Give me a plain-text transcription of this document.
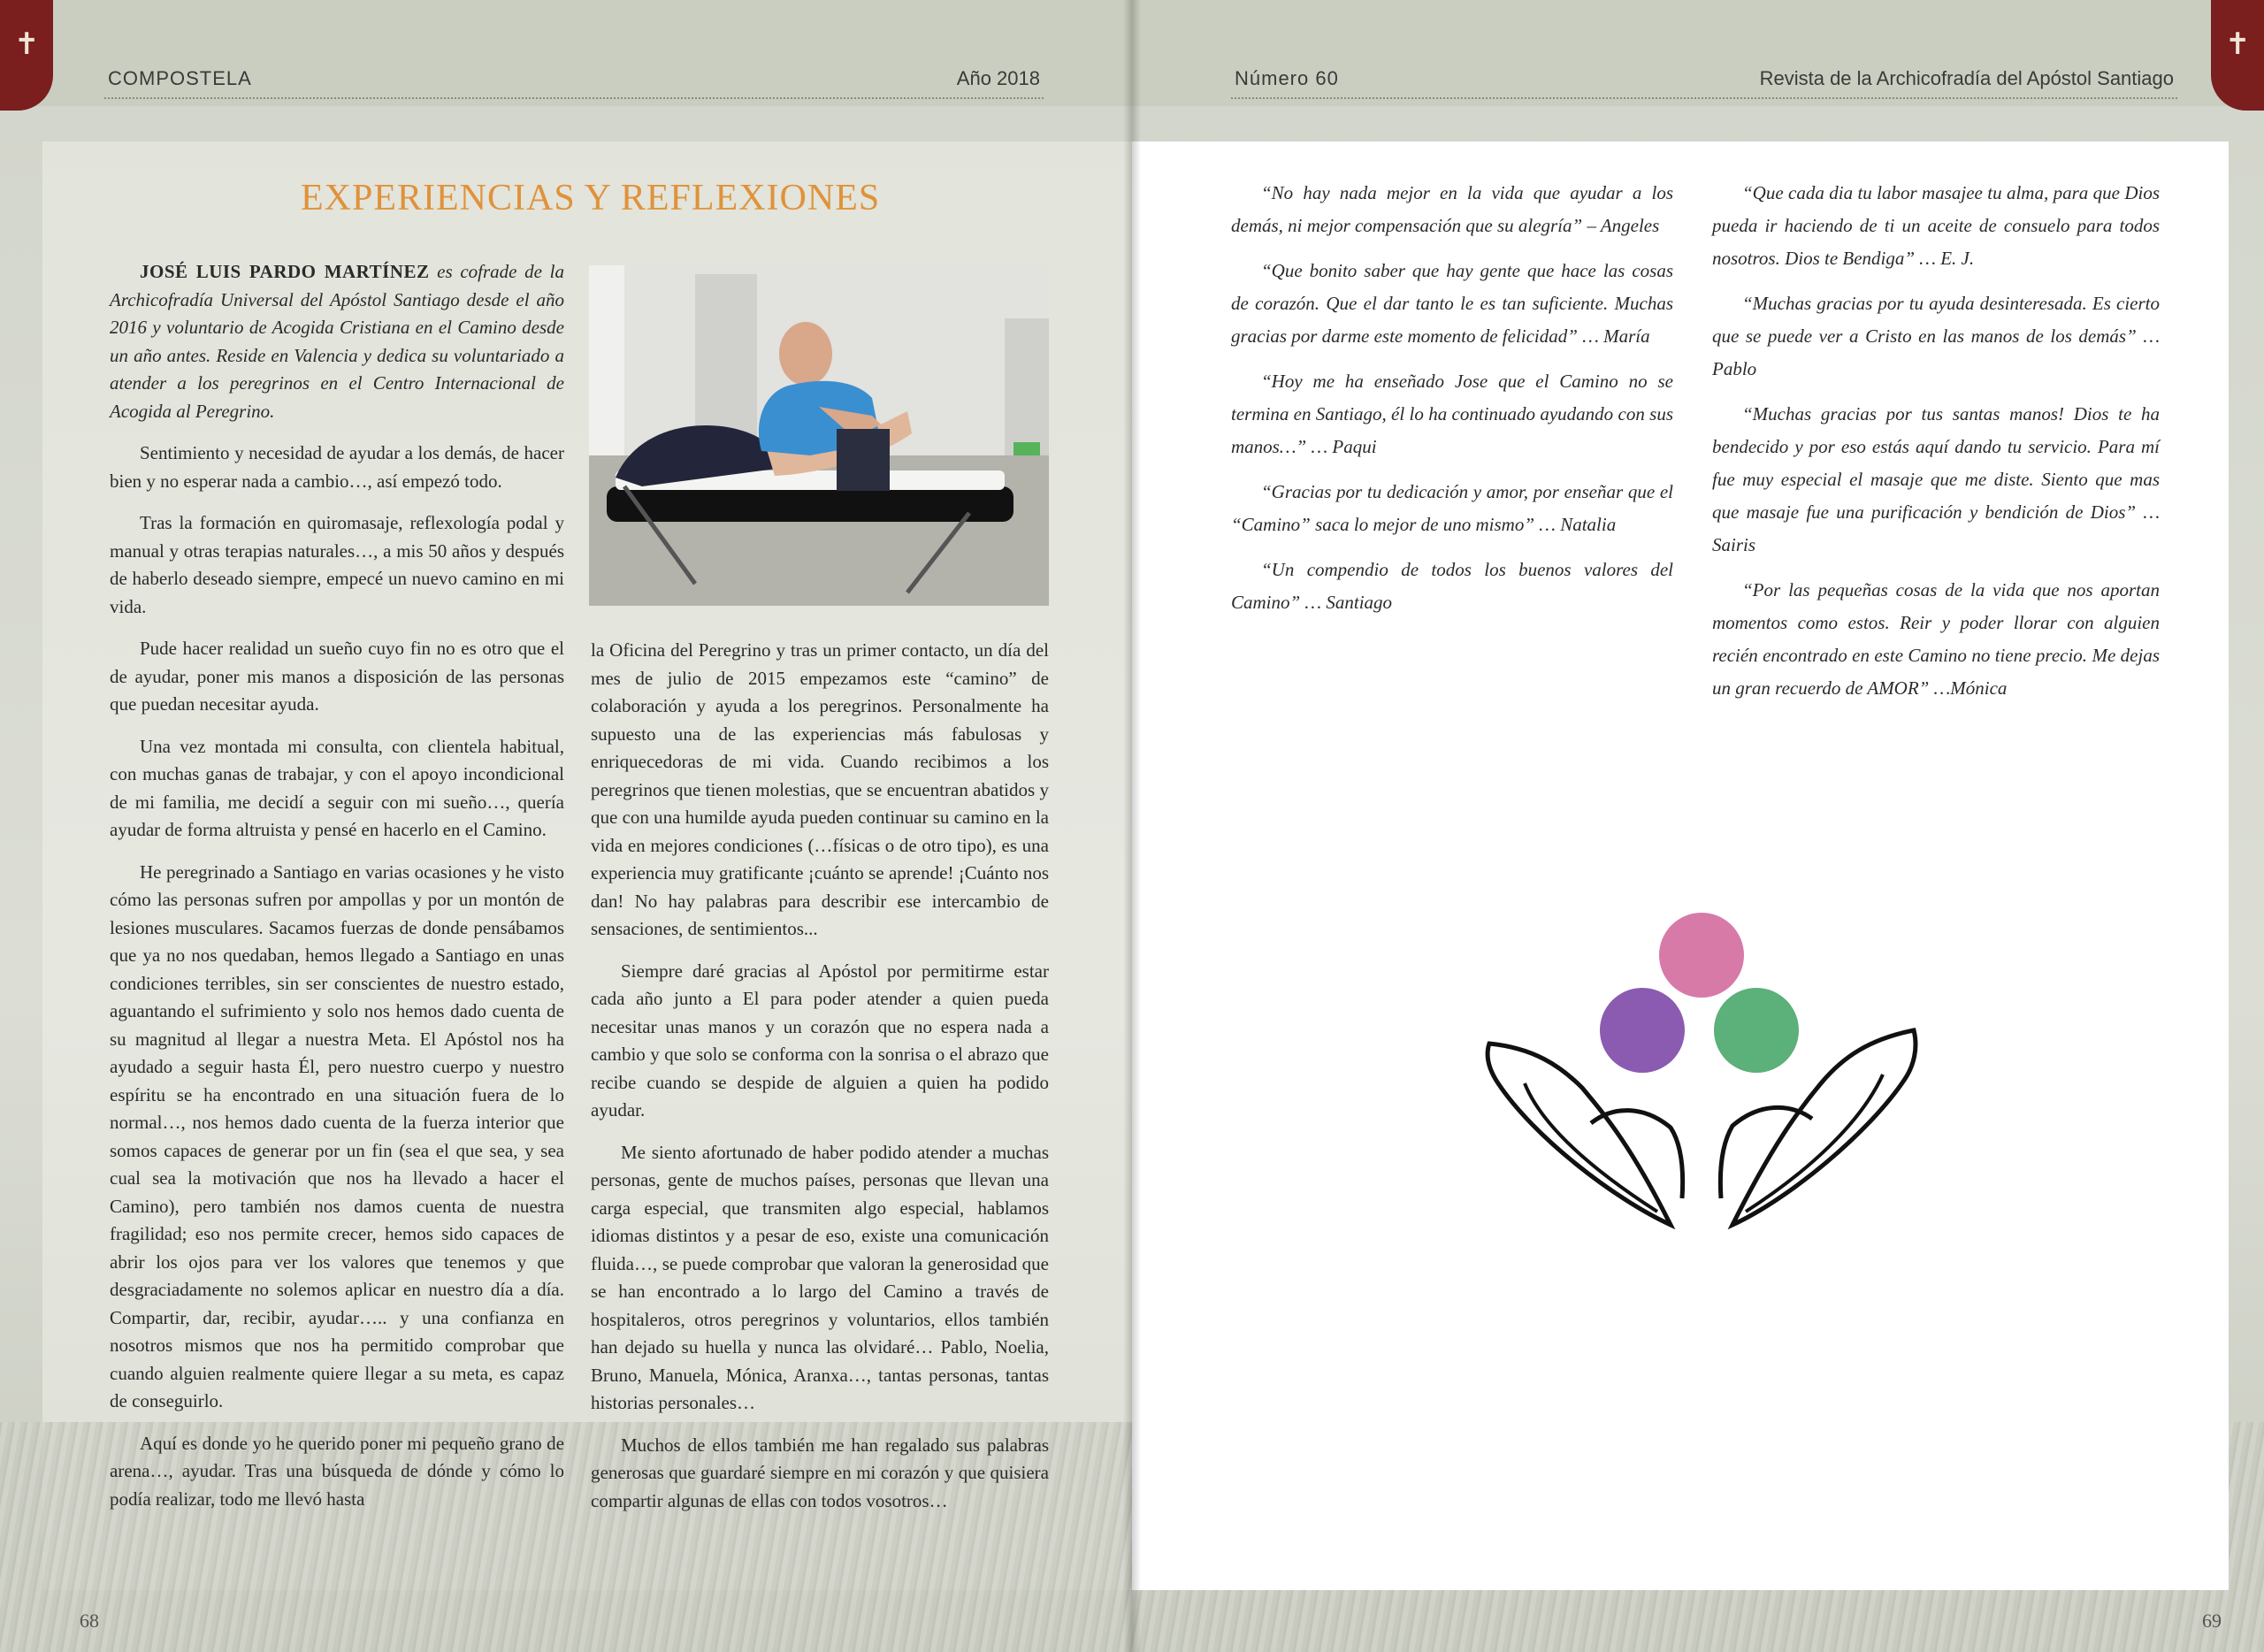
✝
COMPOSTELA	Año 2018
EXPERIENCIAS Y REFLEXIONES

JOSÉ LUIS PARDO MARTÍNEZ es cofrade de la Archicofradía Universal del Apóstol Santiago desde el año 2016 y voluntario de Acogida Cristiana en el Camino desde un año antes. Reside en Valencia y dedica su voluntariado a atender a los peregrinos en el Centro Internacional de Acogida al Peregrino.

Sentimiento y necesidad de ayudar a los demás, de hacer bien y no esperar nada a cambio…, así empezó todo.

Tras la formación en quiromasaje, reflexología podal y manual y otras terapias naturales…, a mis 50 años y después de haberlo deseado siempre, empecé un nuevo camino en mi vida.

Pude hacer realidad un sueño cuyo fin no es otro que el de ayudar, poner mis manos a disposición de las personas que puedan necesitar ayuda.

Una vez montada mi consulta, con clientela habitual, con muchas ganas de trabajar, y con el apoyo incondicional de mi familia, me decidí a seguir con mi sueño…, quería ayudar de forma altruista y pensé en hacerlo en el Camino.

He peregrinado a Santiago en varias ocasiones y he visto cómo las personas sufren por ampollas y por un montón de lesiones musculares. Sacamos fuerzas de donde pensábamos que ya no nos quedaban, hemos llegado a Santiago en unas condiciones terribles, sin ser conscientes de nuestro estado, aguantando el sufrimiento y solo nos hemos dado cuenta de su magnitud al llegar a nuestra Meta. El Apóstol nos ha ayudado a seguir hasta Él, pero nuestro cuerpo y nuestro espíritu se ha encontrado en una situación fuera de lo normal…, nos hemos dado cuenta de la fuerza interior que somos capaces de generar por un fin (sea el que sea, y sea cual sea la motivación que nos ha llevado a hacer el Camino), pero también nos damos cuenta de nuestra fragilidad; eso nos permite crecer, hemos sido capaces de abrir los ojos para ver los valores que tenemos y que desgraciadamente no solemos aplicar en nuestro día a día. Compartir, dar, recibir, ayudar….. y una confianza en nosotros mismos que nos ha permitido comprobar que cuando alguien realmente quiere llegar a su meta, es capaz de conseguirlo.

Aquí es donde yo he querido poner mi pequeño grano de arena…, ayudar. Tras una búsqueda de dónde y cómo lo podía realizar, todo me llevó hasta

la Oficina del Peregrino y tras un primer contacto, un día del mes de julio de 2015 empezamos este “camino” de colaboración y ayuda a los peregrinos. Personalmente ha supuesto una de las experiencias más fabulosas y enriquecedoras de mi vida. Cuando recibimos a los peregrinos que tienen molestias, que se encuentran abatidos y que con una humilde ayuda pueden continuar su camino en la vida en mejores condiciones (…físicas o de otro tipo), es una experiencia muy gratificante ¡cuánto se aprende! ¡Cuánto nos dan! No hay palabras para describir ese intercambio de sensaciones, de sentimientos...

Siempre daré gracias al Apóstol por permitirme estar cada año junto a El para poder atender a quien pueda necesitar unas manos y un corazón que no espera nada a cambio y que solo se conforma con la sonrisa o el abrazo que recibe cuando se despide de alguien a quien ha podido ayudar.

Me siento afortunado de haber podido atender a muchas personas, gente de muchos países, personas que llevan una carga especial, que transmiten algo especial, hablamos idiomas distintos y a pesar de eso, existe una comunicación fluida…, se puede comprobar que valoran la generosidad que se han encontrado a lo largo del Camino a través de hospitaleros, otros peregrinos y voluntarios, ellos también han dejado su huella y nunca las olvidaré… Pablo, Noelia, Bruno, Manuela, Mónica, Aranxa…, tantas personas, tantas historias personales…

Muchos de ellos también me han regalado sus palabras generosas que guardaré siempre en mi corazón y que quisiera compartir algunas de ellas con todos vosotros…

68
✝
Número 60	Revista de la Archicofradía del Apóstol Santiago

“No hay nada mejor en la vida que ayudar a los demás, ni mejor compensación que su alegría” – Angeles

“Que bonito saber que hay gente que hace las cosas de corazón. Que el dar tanto le es tan suficiente. Muchas gracias por darme este momento de felicidad” … María

“Hoy me ha enseñado Jose que el Camino no se termina en Santiago, él lo ha continuado ayudando con sus manos…” … Paqui

“Gracias por tu dedicación y amor, por enseñar que el “Camino” saca lo mejor de uno mismo” … Natalia

“Un compendio de todos los buenos valores del Camino” … Santiago

“Que cada dia tu labor masajee tu alma, para que Dios pueda ir haciendo de ti un aceite de consuelo para todos nosotros. Dios te Bendiga” … E. J.

“Muchas gracias por tu ayuda desinteresada. Es cierto que se puede ver a Cristo en las manos de los demás” …Pablo

“Muchas gracias por tus santas manos! Dios te ha bendecido y por eso estás aquí dando tu servicio. Para mí fue muy especial el masaje que me diste. Siento que mas que masaje fue una purificación y bendición de Dios” …Sairis

“Por las pequeñas cosas de la vida que nos aportan momentos como estos. Reir y poder llorar con alguien recién encontrado en este Camino no tiene precio. Me dejas un gran recuerdo de AMOR” …Mónica

69
